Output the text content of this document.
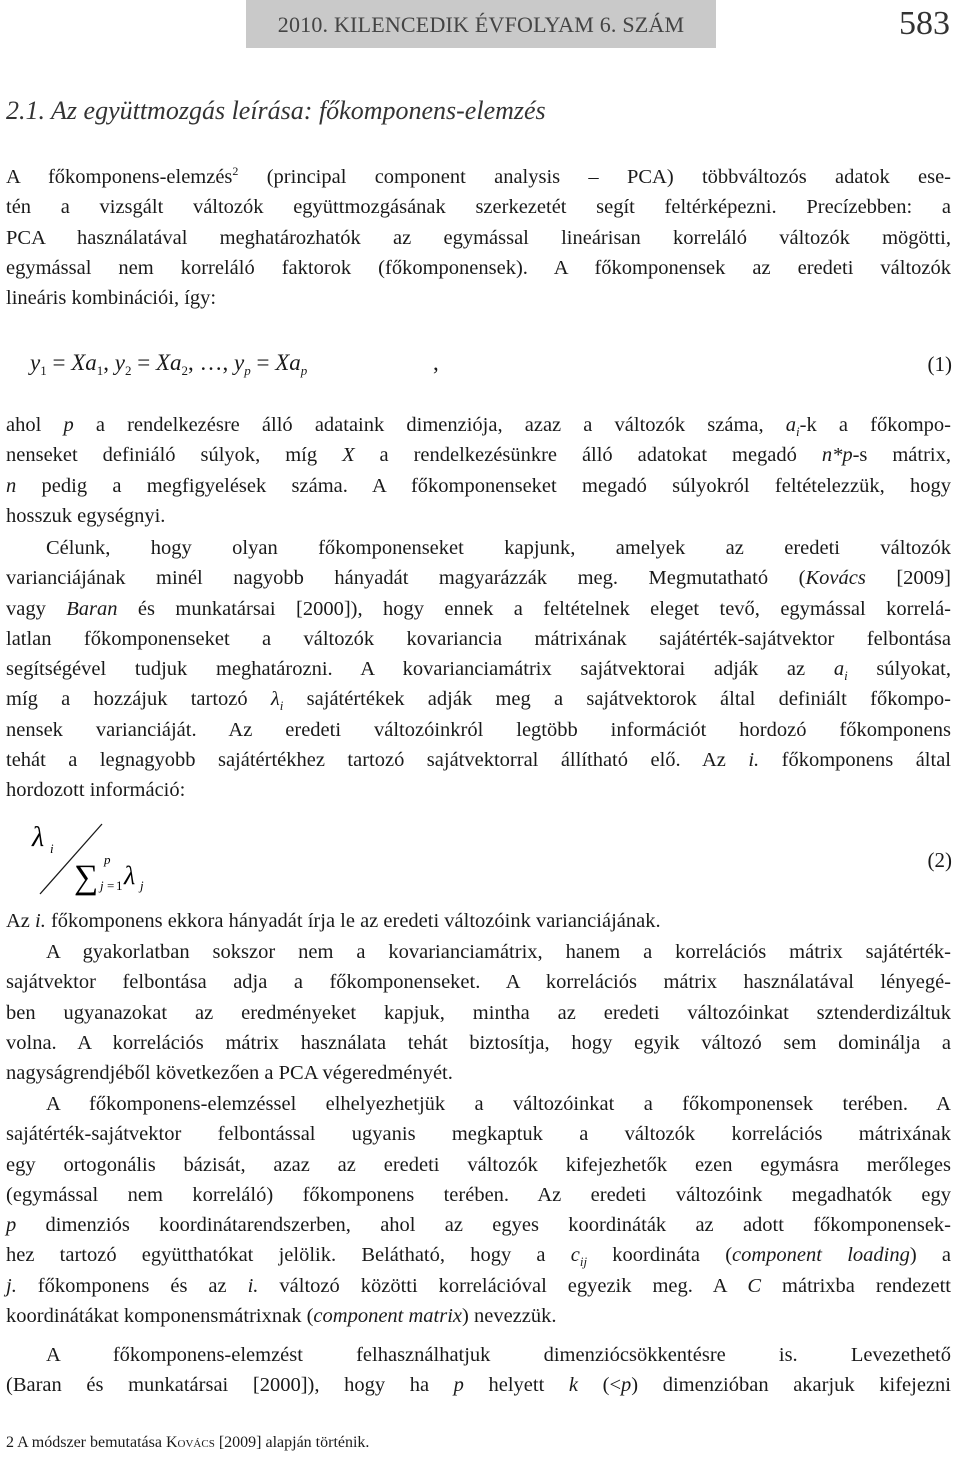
2010. KILENCEDIK ÉVFOLYAM 6. SZÁM	583
2.1. Az együttmozgás leírása: főkomponens-elemzés
A főkomponens-elemzés$^2$ (principal component analysis – PCA) többváltozós adatok ese-
tén a vizsgált változók együttmozgásának szerkezetét segít feltérképezni. Precízebben: a
PCA használatával meghatározhatók az egymással lineárisan korreláló változók mögötti,
egymással nem korreláló faktorok (főkomponensek). A főkomponensek az eredeti változók
lineáris kombinációi, így:
$y_1 = Xa_1$, $y_2 = Xa_2$, …, $y_p = Xa_p$	,	(1)
ahol p a rendelkezésre álló adataink dimenziója, azaz a változók száma, $a_i-k$ a főkompo-
nenseket definiáló súlyok, míg X a rendelkezésünkre álló adatokat megadó n*p-s mátrix,
n pedig a megfigyelések száma. A főkomponenseket megadó súlyokról feltételezzük, hogy
hosszuk egységnyi.
Célunk, hogy olyan főkomponenseket kapjunk, amelyek az eredeti változók
varianciájának minél nagyobb hányadát magyarázzák meg. Megmutatható (Kovács [2009]
vagy Baran és munkatársai [2000]), hogy ennek a feltételnek eleget tevő, egymással korrelá-
latlan főkomponenseket a változók kovariancia mátrixának sajátérték-sajátvektor felbontása
segítségével tudjuk meghatározni. A kovarianciamátrix sajátvektorai adják az $a_i$ súlyokat,
míg a hozzájuk tartozó $\lambda_i$ sajátértékek adják meg a sajátvektorok által definiált főkompo-
nensek varianciáját. Az eredeti változóinkról legtöbb információt hordozó főkomponens
tehát a legnagyobb sajátértékhez tartozó sajátvektorral állítható elő. Az i. főkomponens által
hordozott információ:
λ i
∑ p
j = 1 λ j
(2)
Az i. főkomponens ekkora hányadát írja le az eredeti változóink varianciájának.
A gyakorlatban sokszor nem a kovarianciamátrix, hanem a korrelációs mátrix sajátérték-
sajátvektor felbontása adja a főkomponenseket. A korrelációs mátrix használatával lényegé-
ben ugyanazokat az eredményeket kapjuk, mintha az eredeti változóinkat sztenderdizáltuk
volna. A korrelációs mátrix használata tehát biztosítja, hogy egyik változó sem dominálja a
nagyságrendjéből következően a PCA végeredményét.
A főkomponens-elemzéssel elhelyezhetjük a változóinkat a főkomponensek terében. A
sajátérték-sajátvektor felbontással ugyanis megkaptuk a változók korrelációs mátrixának
egy ortogonális bázisát, azaz az eredeti változók kifejezhetők ezen egymásra merőleges
(egymással nem korreláló) főkomponens terében. Az eredeti változóink megadhatók egy
p dimenziós koordinátarendszerben, ahol az egyes koordináták az adott főkomponensek-
hez tartozó együtthatókat jelölik. Belátható, hogy a $c_{ij}$ koordináta (component loading) a
j. főkomponens és az i. változó közötti korrelációval egyezik meg. A C mátrixba rendezett
koordinátákat komponensmátrixnak (component matrix) nevezzük.
A főkomponens-elemzést felhasználhatjuk dimenziócsökkentésre is. Levezethető
(Baran és munkatársai [2000]), hogy ha p helyett k (<p) dimenzióban akarjuk kifejezni
2 A módszer bemutatása Kovács [2009] alapján történik.
